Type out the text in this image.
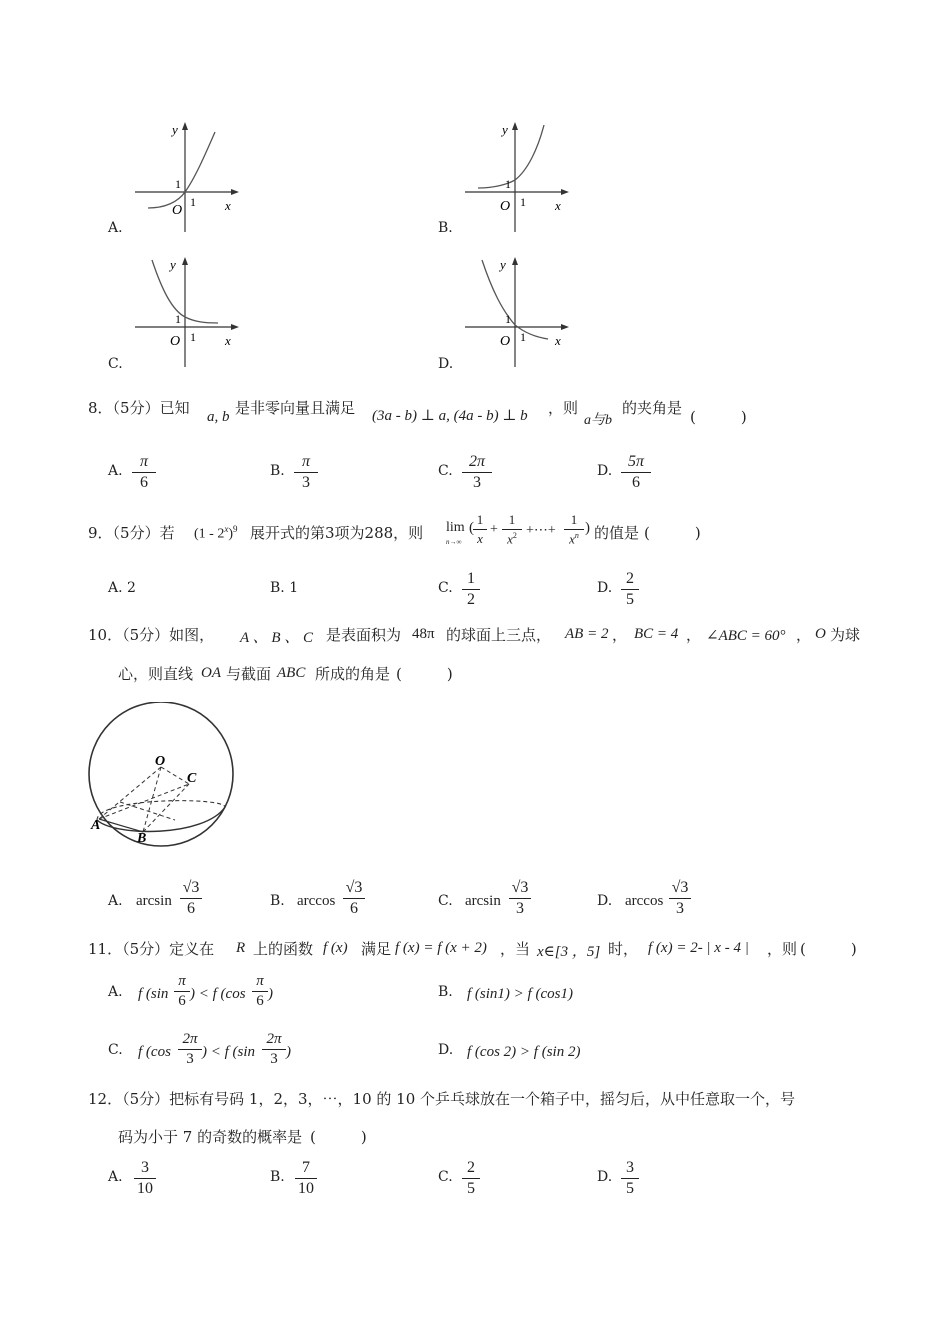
y
x
O
1
1
A.
y
x
O 1
1
B.
y
x
O 1
1
C.
y
x
O 1
1
D.
8．（5分）已知 a, b 是非零向量且满足 (3a - b) ⊥ a, (4a - b) ⊥ b ，则
a与b
的夹角是 (　　　)
A.
π
6
B.
π
3
C.
2π
3
D.
5π
6
9．（5分）若 (1 - 2$^x$)$^9$ 展开式的第3项为288，则 lim
n→∞
(
1
x
+
1
$x^2$ +⋯+
1
$x^n$ ) 的值是 (　　　)
A. 2	B. 1	C.
1
2
D.
2
5
10．（5分）如图， A 、 B 、 C 是表面积为 48π 的球面上三点， AB = 2 ， BC = 4 ， ∠ABC = 60° ， O 为球
心，则直线 OA 与截面 ABC 所成的角是 (　　　)
O
C
A
B
A. arcsin
√3
6	B. arccos
√3
6	C. arcsin
√3
3	D. arccos
√3
3
11．（5分）定义在 R 上的函数 f (x) 满足 f (x) = f (x + 2) ，当 x∈[3 ，5] 时， f (x) = 2- | x - 4 | ，则 (　　　)
A. f (sin
π
6 ) < f (cos
π
6 )	B. f (sin1) > f (cos1)
C. f (cos
2π
3 ) < f (sin
2π
3 )	D. f (cos 2) > f (sin 2)
12．（5分）把标有号码 1，2，3，⋯，10 的 10 个乒乓球放在一个箱子中，摇匀后，从中任意取一个，号
码为小于 7 的奇数的概率是 (　　　)
A.
3
10
B.
7
10
C.
2
5
D.
3
5
